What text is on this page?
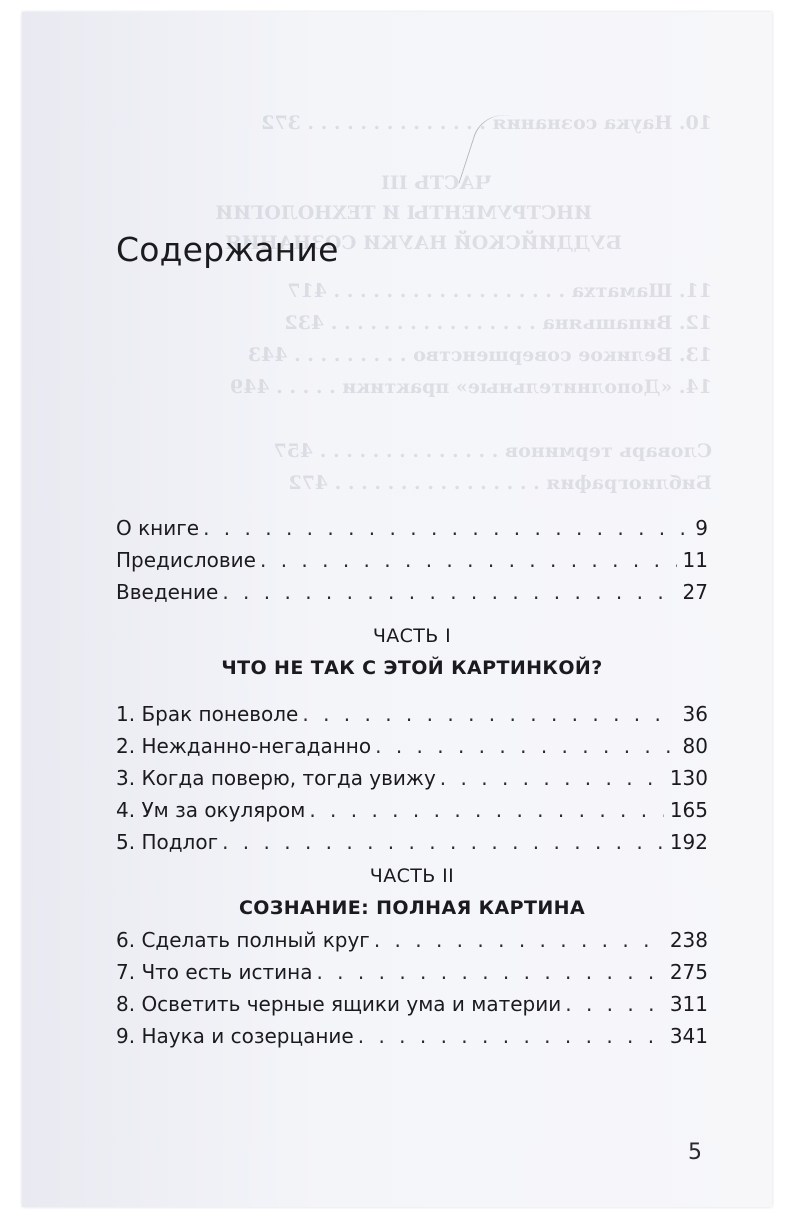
10. Наука сознания . . . . . . . . . . . . . . 372
ЧАСТЬ III
ИНСТРУМЕНТЫ И ТЕХНОЛОГИИ
БУДДИЙСКОЙ НАУКИ СОЗНАНИЯ
11. Шаматха . . . . . . . . . . . . . . . . . . 417
12. Випашьяна . . . . . . . . . . . . . . . . 432
13. Великое совершенство . . . . . . . . . 443
14. «Дополнительные» практики . . . . . 449
Словарь терминов . . . . . . . . . . . . . . 457
Библиография . . . . . . . . . . . . . . . . 472
Содержание
О книге . . .	9
Предисловие . . .	11
Введение . . .	27
ЧАСТЬ I
ЧТО НЕ ТАК С ЭТОЙ КАРТИНКОЙ?
1. Брак поневоле . . .	36
2. Нежданно-негаданно . . .	80
3. Когда поверю, тогда увижу . . .	130
4. Ум за окуляром . . .	165
5. Подлог . . .	192
ЧАСТЬ II
СОЗНАНИЕ: ПОЛНАЯ КАРТИНА
6. Сделать полный круг . . .	238
7. Что есть истина . . .	275
8. Осветить черные ящики ума и материи . . .	311
9. Наука и созерцание . . .	341
5
